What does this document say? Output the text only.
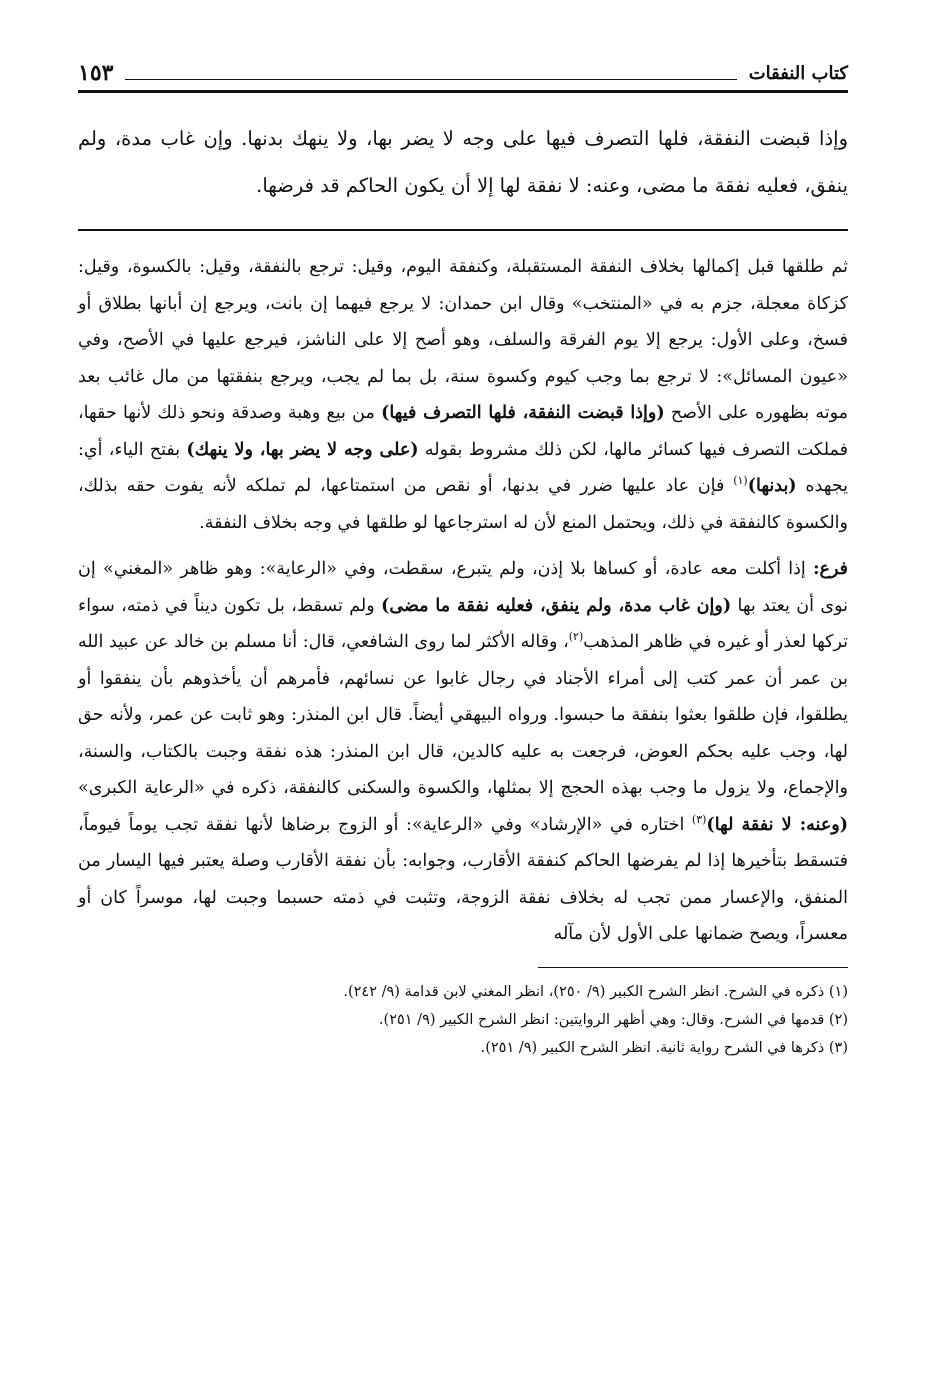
كتاب النفقات
١٥٣
وإذا قبضت النفقة، فلها التصرف فيها على وجه لا يضر بها، ولا ينهك بدنها. وإن غاب مدة، ولم ينفق، فعليه نفقة ما مضى، وعنه: لا نفقة لها إلا أن يكون الحاكم قد فرضها.

ثم طلقها قبل إكمالها بخلاف النفقة المستقبلة، وكنفقة اليوم، وقيل: ترجع بالنفقة، وقيل: بالكسوة، وقيل: كزكاة معجلة، جزم به في «المنتخب» وقال ابن حمدان: لا يرجع فيهما إن بانت، ويرجع إن أبانها بطلاق أو فسخ، وعلى الأول: يرجع إلا يوم الفرقة والسلف، وهو أصح إلا على الناشز، فيرجع عليها في الأصح، وفي «عيون المسائل»: لا ترجع بما وجب كيوم وكسوة سنة، بل بما لم يجب، ويرجع بنفقتها من مال غائب بعد موته بظهوره على الأصح (وإذا قبضت النفقة، فلها التصرف فيها) من بيع وهبة وصدقة ونحو ذلك لأنها حقها، فملكت التصرف فيها كسائر مالها، لكن ذلك مشروط بقوله (على وجه لا يضر بها، ولا ينهك) بفتح الياء، أي: يجهده (بدنها)$^{(١)}$ فإن عاد عليها ضرر في بدنها، أو نقص من استمتاعها، لم تملكه لأنه يفوت حقه بذلك، والكسوة كالنفقة في ذلك، ويحتمل المنع لأن له استرجاعها لو طلقها في وجه بخلاف النفقة.

فرع: إذا أكلت معه عادة، أو كساها بلا إذن، ولم يتبرع، سقطت، وفي «الرعاية»: وهو ظاهر «المغني» إن نوى أن يعتد بها (وإن غاب مدة، ولم ينفق، فعليه نفقة ما مضى) ولم تسقط، بل تكون ديناً في ذمته، سواء تركها لعذر أو غيره في ظاهر المذهب$^{(٢)}$، وقاله الأكثر لما روى الشافعي، قال: أنا مسلم بن خالد عن عبيد الله بن عمر أن عمر كتب إلى أمراء الأجناد في رجال غابوا عن نسائهم، فأمرهم أن يأخذوهم بأن ينفقوا أو يطلقوا، فإن طلقوا بعثوا بنفقة ما حبسوا. ورواه البيهقي أيضاً. قال ابن المنذر: وهو ثابت عن عمر، ولأنه حق لها، وجب عليه بحكم العوض، فرجعت به عليه كالدين، قال ابن المنذر: هذه نفقة وجبت بالكتاب، والسنة، والإجماع، ولا يزول ما وجب بهذه الحجج إلا بمثلها، والكسوة والسكنى كالنفقة، ذكره في «الرعاية الكبرى» (وعنه: لا نفقة لها)$^{(٣)}$ اختاره في «الإرشاد» وفي «الرعاية»: أو الزوج برضاها لأنها نفقة تجب يوماً فيوماً، فتسقط بتأخيرها إذا لم يفرضها الحاكم كنفقة الأقارب، وجوابه: بأن نفقة الأقارب وصلة يعتبر فيها اليسار من المنفق، والإعسار ممن تجب له بخلاف نفقة الزوجة، وتثبت في ذمته حسبما وجبت لها، موسراً كان أو معسراً، ويصح ضمانها على الأول لأن مآله

(١) ذكره في الشرح. انظر الشرح الكبير (٩/ ٢٥٠)، انظر المغني لابن قدامة (٩/ ٢٤٢).
(٢) قدمها في الشرح. وقال: وهي أظهر الروايتين: انظر الشرح الكبير (٩/ ٢٥١).
(٣) ذكرها في الشرح رواية ثانية. انظر الشرح الكبير (٩/ ٢٥١).
